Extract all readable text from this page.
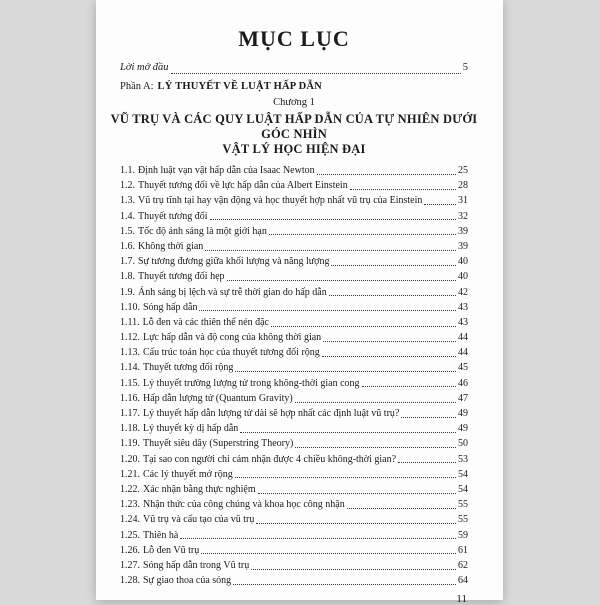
MỤC LỤC
Lời mở đầu	5
Phần A: LÝ THUYẾT VỀ LUẬT HẤP DẪN
Chương 1
VŨ TRỤ VÀ CÁC QUY LUẬT HẤP DẪN CỦA TỰ NHIÊN DƯỚI GÓC NHÌN
VẬT LÝ HỌC HIỆN ĐẠI
1.1. Định luật vạn vật hấp dẫn của Isaac Newton	25
1.2. Thuyết tương đối về lực hấp dẫn của Albert Einstein	28
1.3. Vũ trụ tĩnh tại hay vận động và học thuyết hợp nhất vũ trụ của Einstein	31
1.4. Thuyết tương đối	32
1.5. Tốc độ ánh sáng là một giới hạn	39
1.6. Không thời gian	39
1.7. Sự tương đương giữa khối lượng và năng lượng	40
1.8. Thuyết tương đối hẹp	40
1.9. Ánh sáng bị lệch và sự trễ thời gian do hấp dẫn	42
1.10. Sóng hấp dẫn	43
1.11. Lỗ đen và các thiên thể nén đặc	43
1.12. Lực hấp dẫn và độ cong của không thời gian	44
1.13. Cấu trúc toán học của thuyết tương đối rộng	44
1.14. Thuyết tương đối rộng	45
1.15. Lý thuyết trường lượng tử trong không-thời gian cong	46
1.16. Hấp dẫn lượng tử (Quantum Gravity)	47
1.17. Lý thuyết hấp dẫn lượng tử dài sẽ hợp nhất các định luật vũ trụ?	49
1.18. Lý thuyết kỳ dị hấp dẫn	49
1.19. Thuyết siêu dây (Superstring Theory)	50
1.20. Tại sao con người chỉ cảm nhận được 4 chiều không-thời gian?	53
1.21. Các lý thuyết mở rộng	54
1.22. Xác nhận bằng thực nghiệm	54
1.23. Nhận thức của công chúng và khoa học công nhận	55
1.24. Vũ trụ và cấu tạo của vũ trụ	55
1.25. Thiên hà	59
1.26. Lỗ đen Vũ trụ	61
1.27. Sóng hấp dẫn trong Vũ trụ	62
1.28. Sự giao thoa của sóng	64
11
